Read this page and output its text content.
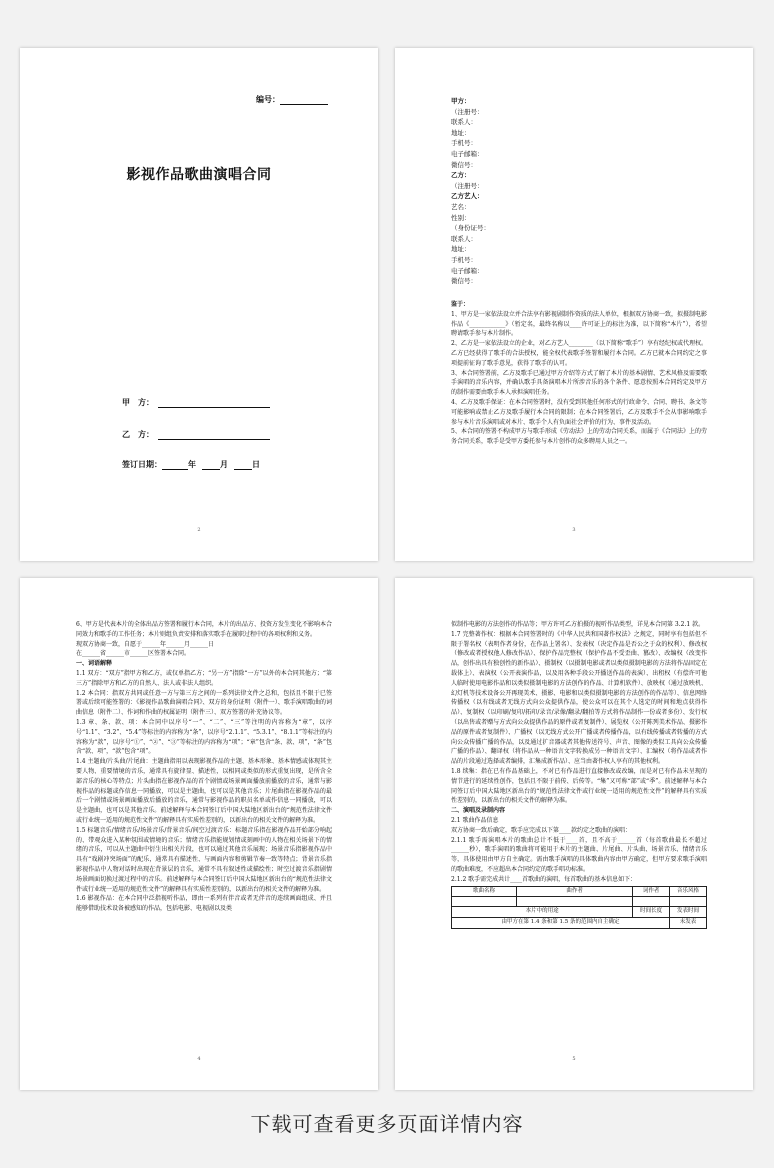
编号：
影视作品歌曲演唱合同
甲　方：
乙　方：
签订日期：	年	月	日
2

甲方：

（注册号：

联系人：

地址：

手机号：

电子邮箱：

微信号：

乙方：

（注册号：

乙方艺人：

艺名：

性别：

（身份证号：

联系人：

地址：

手机号：

电子邮箱：

微信号：

鉴于：

1、甲方是一家依法设立并合法享有影视剧制作资质的法人单位，根据双方协商一致，拟摄制电影作品《____________》（暂定名，最终名称以____许可证上的标注为准，以下简称“本片”），希望聘请歌手参与本片制作。

2、乙方是一家依法设立的企业，对乙方艺人________（以下简称“歌手”）享有经纪权或代理权。乙方已经获得了歌手的合法授权，能全权代表歌手签署和履行本合同。乙方已就本合同约定之事项提前征询了歌手意见，获得了歌手的认可。

3、本合同签署前，乙方及歌手已通过甲方介绍等方式了解了本片的基本剧情、艺术风格及需要歌手演唱的音乐内容，并确认歌手具备演唱本片所涉音乐的各个条件、愿意按照本合同约定及甲方的制作需要由歌手本人承担演唱任务。

4、乙方及歌手保证：在本合同签署时，没有受到其他任何形式的行政命令、合同、聘书、条文等可能影响或禁止乙方及歌手履行本合同的限制；在本合同签署后，乙方及歌手不会从事影响歌手参与本片音乐演唱或对本片、歌手个人有负面社会评价的行为、事件及活动。

5、本合同的签署不构成甲方与歌手形成《劳动法》上的劳动合同关系，而属于《合同法》上的劳务合同关系，歌手是受甲方委托参与本片创作的众多聘用人员之一。

3

6、甲方是代表本片的全体出品方签署和履行本合同，本片的出品方、投资方发生变化不影响本合同效力和歌手的工作任务；本片则组负责安排和落实歌手在履职过程中的各项权利和义务。

现双方协商一致，自愿于______年______月______日

在______省______市______区签署本合同。

一、词语解释

1.1 双方：“双方”指甲方和乙方，或仅单指乙方；“另一方”指除“一方”以外的本合同其他方；“第三方”指除甲方和乙方的自然人、法人或非法人组织。

1.2 本合同：指双方共同或任意一方与第三方之间的一系列法律文件之总和，包括且不限于已签署或后续可能签署的：《影视作品歌曲演唱合同》、双方的身份证明（附件一）、歌手演唱歌曲的词曲信息（附件二）、作词和作曲的权属证明（附件三）、双方签署的补充协议等。

1.3 章、条、款、项：本合同中以序号“一”、“二”、“三”等注明的内容称为“章”，以序号“1.1”、“3.2”、“5.4”等标注的内容称为“条”，以序号“2.1.1”、“5.3.1”、“8.1.1”等标注的内容称为“款”，以序号“①”、“②”、“③”等标注的内容称为“项”；“章”包含“条、款、项”，“条”包含“款、项”，“款”包含“项”。

1.4 主题曲/片头曲/片尾曲：主题曲指用以表现影视作品的主题、基本形象、基本情感或体现其主要人物、重要情境的音乐，通常具有旋律显、描述性，以相同或类似的形式重复出现，是所含全部音乐的核心等特点；片头曲指在影视作品的首个剧情或场景画面播放前播放的音乐，通常与影视作品的标题或作信息一同播放，可以是主题曲，也可以是其他音乐；片尾曲指在影视作品的最后一个剧情或场景画面播放后播放的音乐，通常与影视作品的职员名单或作信息一同播放，可以是主题曲，也可以是其他音乐。前述解释与本合同签订后中国大陆地区新出台的“规范性法律文件或行业统一适用的规范性文件”的解释具有实质性差别的，以新出台的相关文件的解释为准。

1.5 标题音乐/情绪音乐/场景音乐/背景音乐/间空过渡音乐：标题音乐指在影视作品开始部分响起的、带观众进入某种氛围或情境的音乐；情绪音乐指能规划情或刻画中的人物在相关场景下的情绪的音乐，可以从主题曲中衍生出相关片段，也可以通过其他音乐展现；场景音乐指影视作品中具有“戏剧冲突场面”的配乐，通常具有描述性、与画面内容和剪辑节奏一致等特点；背景音乐指影视作品中人物对话时出现在背景层的音乐，通常不具有叙述性或描绘性；时空过渡音乐指剧情场景画面切换过渡过程中的音乐。前述解释与本合同签订后中国大陆地区新出台的“规范性法律文件或行业统一适用的规范性文件”的解释具有实质性差别的，以新出台的相关文件的解释为准。

1.6 影视作品：在本合同中泛指视听作品，即由一系列有伴音或者无伴音的连续画面组成、并且能够借助技术设备被感知的作品，包括电影、电视剧以及类

4

似制作电影的方法创作的作品等；甲方许可乙方拍摄的视听作品类型，详见本合同第 3.2.1 款。

1.7 完整著作权：根据本合同签署时的《中华人民共和国著作权法》之规定，同时享有包括但不限于署名权（表明作者身份，在作品上署名）、发表权（决定作品是否公之于众的权利）、修改权（修改或者授权他人修改作品）、保护作品完整权（保护作品不受歪曲、篡改）、改编权（改变作品，创作出具有独创性的新作品）、摄制权（以摄制电影或者以类似摄制电影的方法将作品固定在载体上）、表演权（公开表演作品，以及用各种手段公开播送作品的表演）、出租权（有偿许可他人临时使用电影作品和以类似摄制电影的方法创作的作品、计算机软件）、放映权（通过放映机、幻灯机等技术设备公开再现美术、摄影、电影和以类似摄制电影的方法创作的作品等）、信息网络传播权（以有线或者无线方式向公众提供作品，使公众可以在其个人选定的时间和地点获得作品）、复制权（以印刷/复印/拓印/录音/录像/翻录/翻拍等方式将作品制作一份或者多份）、发行权（以出售或者赠与方式向公众提供作品的原件或者复制件）、展览权（公开陈列美术作品、摄影作品的原件或者复制件）、广播权（以无线方式公开广播或者传播作品，以有线传播或者转播的方式向公众传播广播的作品，以及通过扩音器或者其他传送符号、声音、图像的类似工具向公众传播广播的作品）、翻译权（将作品从一种语言文字转换成另一种语言文字）、汇编权（将作品或者作品的片段通过选择或者编排，汇集成新作品）、应当由著作权人享有的其他权利。

1.8 续集：指在已有作品基础上，不对已有作品进行直接修改或改编，而是对已有作品未呈现的情节进行的延续性创作，包括且不限于前传、后传等。“集”又可称“部”或“季”。前述解释与本合同签订后中国大陆地区新出台的“规范性法律文件或行业统一适用的规范性文件”的解释具有实质性差别的，以新出台的相关文件的解释为准。

二、演唱及录制内容

2.1 歌曲作品信息

双方协商一致后确定，歌手应完成以下第____款约定之歌曲的演唱：

2.1.1 歌手需演唱本片的歌曲总计不低于____首，且不高于______首（每首歌曲最长不超过______秒），歌手演唱的歌曲将可能用于本片的主题曲、片尾曲、片头曲、场景音乐、情绪音乐等，具体使用由甲方自主确定。需由歌手演唱的具体歌曲内容由甲方确定，但甲方要求歌手演唱的歌曲难度，不应超出本合同约定的歌手唱功标准。

2.1.2 歌手需完成共计____首歌曲的演唱，每首歌曲的基本信息如下：

歌曲名称	曲作者	词作者	音乐风格

本片中的用途		时间长度	发表时间
由甲方在第 1.4 条和第 1.5 条的范围内自主确定			未发表
5
下载可查看更多页面详情内容
